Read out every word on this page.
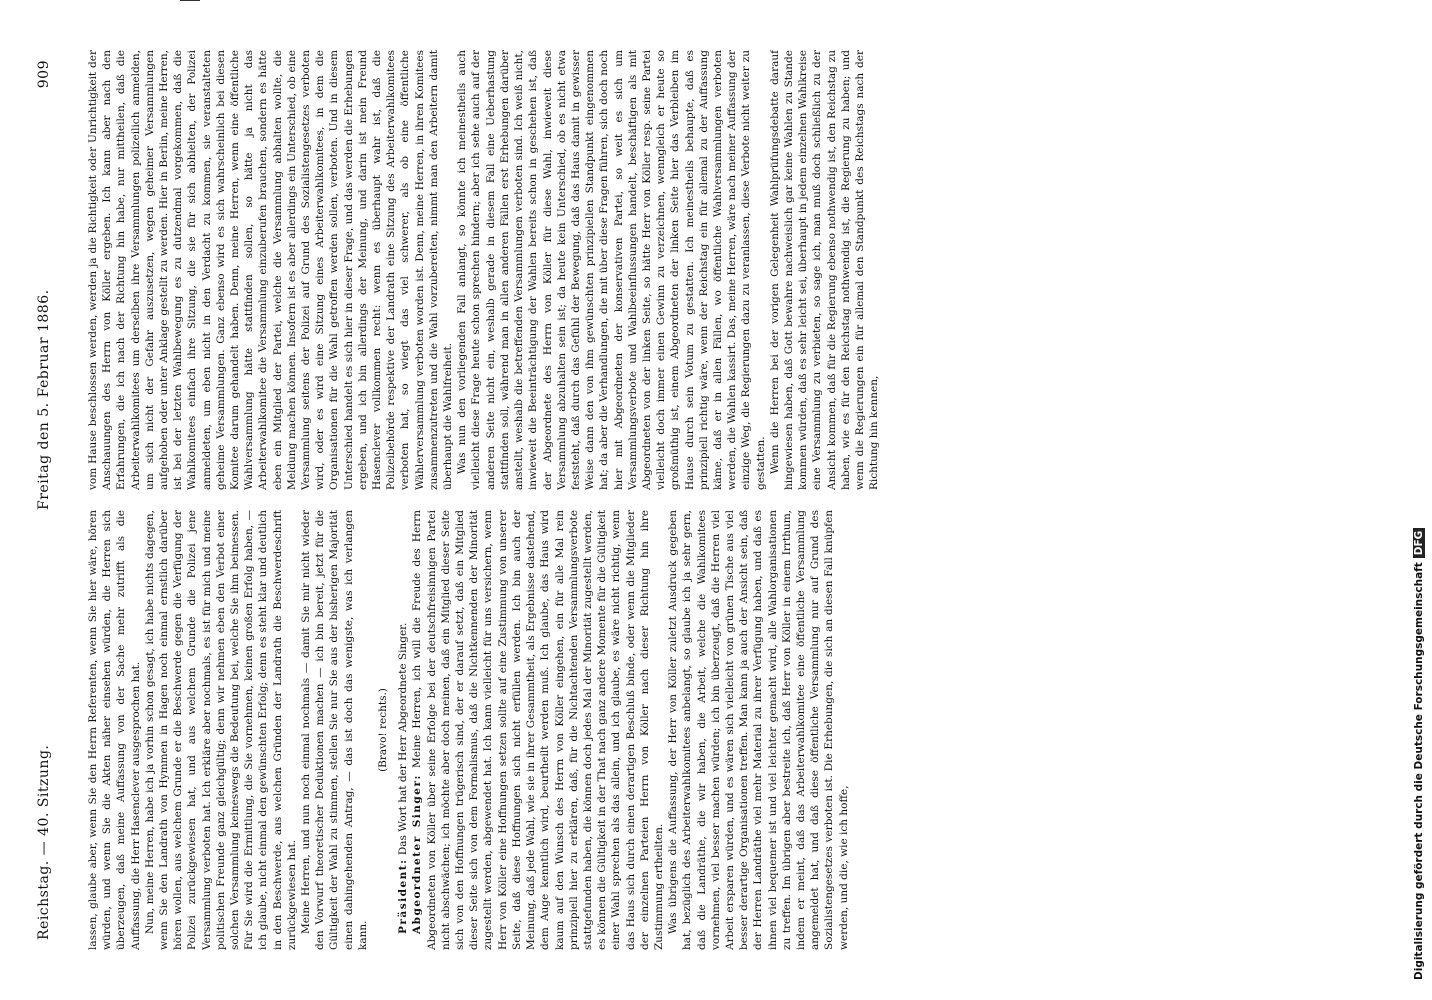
Reichstag. — 40. Sitzung.
Freitag den 5. Februar 1886.
909

lassen, glaube aber, wenn Sie den Herrn Referenten, wenn Sie hier wäre, hören würden, und wenn Sie die Akten näher einsehen würden, die Herren sich überzeugen, daß meine Auffassung von der Sache mehr zutrifft als die Auffassung, die Herr Hasenclever ausgesprochen hat. Nun, meine Herren, habe ich ja vorhin schon gesagt, ich habe nichts dagegen, wenn Sie den Landrath von Hymmen in Hagen noch einmal ernstlich darüber hören wollen, aus welchem Grunde er die Beschwerde gegen die Verfügung der Polizei zurückgewiesen hat, und aus welchem Grunde die Polizei jene Versammlung verboten hat. Ich erkläre aber nochmals, es ist für mich und meine politischen Freunde ganz gleichgültig; denn wir nehmen eben den Verbot einer solchen Versammlung keineswegs die Bedeutung bei, welche Sie ihm beimessen. Für Sie wird die Ermittlung, die Sie vornehmen, keinen großen Erfolg haben, — ich glaube, nicht einmal den gewünschten Erfolg; denn es steht klar und deutlich in den Beschwerde, aus welchen Gründen der Landrath die Beschwerdeschrift zurückgewiesen hat. Meine Herren, und nun noch einmal nochmals — damit Sie mir nicht wieder den Vorwurf theoretischer Deduktionen machen — ich bin bereit, jetzt für die Gültigkeit der Wahl zu stimmen, stellen Sie nur Sie aus der bisherigen Majorität einen dahingehenden Antrag, — das ist doch das wenigste, was ich verlangen kann.

(Bravo! rechts.)

Präsident: Das Wort hat der Herr Abgeordnete Singer. Abgeordneter Singer: Meine Herren, ich will die Freude des Herrn Abgeordneten von Köller über seine Erfolge bei der deutschfreisinnigen Partei nicht abschwächen; ich möchte aber doch meinen, daß ein Mitglied dieser Seite sich von den Hoffnungen trügerisch sind, der er darauf setzt, daß ein Mitglied dieser Seite sich von dem Formalismus, daß die Nichtkennenden der Minorität zugestellt werden, abgewendet hat. Ich kann vielleicht für uns versichern, wenn Herr von Köller eine Hoffnungen setzen sollte auf eine Zustimmung von unserer Seite, daß diese Hoffnungen sich nicht erfüllen werden. Ich bin auch der Meinung, daß jede Wahl, wie sie in ihrer Gesammtheit, als Ergebnisse dastehend, dem Auge kenntlich wird, beurtheilt werden muß. Ich glaube, das Haus wird kaum auf den Wunsch des Herrn von Köller eingehen, ein für alle Mal rein prinzipiell hier zu erklären, daß, für die Nichtachtenden Versammlungsverbote stattgefunden haben, die können doch jedes Mal der Minorität zugestellt werden, es können die Gültigkeit in der That nach ganz andere Momente für die Gültigkeit einer Wahl sprechen als das allein, und ich glaube, es wäre nicht richtig, wenn das Haus sich durch einen derartigen Beschluß binde, oder wenn die Mitglieder der einzelnen Parteien Herrn von Köller nach dieser Richtung hin ihre Zustimmung ertheilten. Was übrigens die Auffassung, der Herr von Köller zuletzt Ausdruck gegeben hat, bezüglich des Arbeiterwahlkomitees anbelangt, so glaube ich ja sehr gern, daß die Landräthe, die wir haben, die Arbeit, welche die Wahlkomitees vornehmen, viel besser machen würden; ich bin überzeugt, daß die Herren viel Arbeit ersparen würden, und es wären sich vielleicht von grünen Tische aus viel besser derartige Organisationen treffen. Man kann ja auch der Ansicht sein, daß der Herren Landräthe viel mehr Material zu ihrer Verfügung haben, und daß es ihnen viel bequemer ist und viel leichter gemacht wird, alle Wahlorganisationen zu treffen. Im übrigen aber bestreite ich, daß Herr von Köller in einem Irrthum, indem er meint, daß das Arbeiterwahlkomitee eine öffentliche Versammlung angemeldet hat, und daß diese öffentliche Versammlung nur auf Grund des Sozialistengesetzes verboten ist. Die Erhebungen, die sich an diesen Fall knüpfen werden, und die, wie ich hoffe,

vom Hause beschlossen werden, werden ja die Richtigkeit oder Unrichtigkeit der Anschauungen des Herrn von Köller ergeben. Ich kann aber nach den Erfahrungen, die ich nach der Richtung hin habe, nur mittheilen, daß die Arbeiterwahlkomitees um derselben ihre Versammlungen polizeilich anmelden, um sich nicht der Gefahr auszusetzen, wegen geheimer Versammlungen aufgehoben oder unter Anklage gestellt zu werden. Hier in Berlin, meine Herren, ist bei der letzten Wahlbewegung es zu dutzendmal vorgekommen, daß die Wahlkomitees einfach ihre Sitzung, die sie für sich abhielten, der Polizei anmeldeten, um eben nicht in den Verdacht zu kommen, sie veranstalteten geheime Versammlungen. Ganz ebenso wird es sich wahrscheinlich bei diesen Komitee darum gehandelt haben. Denn, meine Herren, wenn eine öffentliche Wahlversammlung hätte stattfinden sollen, so hätte ja nicht das Arbeiterwahlkomitee die Versammlung einzuberufen brauchen, sondern es hätte eben ein Mitglied der Partei, welche die Versammlung abhalten wollte, die Meldung machen können. Insofern ist es aber allerdings ein Unterschied, ob eine Versammlung seitens der Polizei auf Grund des Sozialistengesetzes verboten wird, oder es wird eine Sitzung eines Arbeiterwahlkomitees, in dem die Organisationen für die Wahl getroffen werden sollen, verboten. Und in diesem Unterschied handelt es sich hier in dieser Frage, und das werden die Erhebungen ergeben, und ich bin allerdings der Meinung, und darin ist mein Freund Hasenclever vollkommen recht: wenn es überhaupt wahr ist, daß die Polizeibehörde respektive der Landrath eine Sitzung des Arbeiterwahlkomitees verboten hat, so wiegt das viel schwerer, als ob eine öffentliche Wählerversammlung verboten worden ist. Denn, meine Herren, in ihren Komitees zusammenzutreten und die Wahl vorzubereiten, nimmt man den Arbeitern damit überhaupt die Wahlfreiheit. Was nun den vorliegenden Fall anlangt, so könnte ich meinestheils auch vielleicht diese Frage heute schon sprechen hindern; aber ich sehe auch auf der anderen Seite nicht ein, weshalb gerade in diesem Fall eine Ueberhastung stattfinden soll, während man in allen anderen Fällen erst Erhebungen darüber anstellt, weshalb die betreffenden Versammlungen verboten sind. Ich weiß nicht, inwieweit die Beeinträchtigung der Wahlen bereits schon in geschehen ist, daß der Abgeordnete des Herrn von Köller für diese Wahl, inwieweit diese Versammlung abzuhalten sein ist; da heute kein Unterschied, ob es nicht etwa feststeht, daß durch das Gefühl der Bewegung, daß das Haus damit in gewisser Weise dann den von ihm gewünschten prinzipiellen Standpunkt eingenommen hat; da aber die Verhandlungen, die mit über diese Fragen führen, sich doch noch hier mit Abgeordneten der konservativen Partei, so weit es sich um Versammlungsverbote und Wahlbeeinflussungen handelt, beschäftigen als mit Abgeordneten von der linken Seite, so hätte Herr von Köller resp. seine Partei vielleicht doch immer einen Gewinn zu verzeichnen, wenngleich er heute so großmüthig ist, einem Abgeordneten der linken Seite hier das Verbleiben im Hause durch sein Votum zu gestatten. Ich meinestheils behaupte, daß es prinzipiell richtig wäre, wenn der Reichstag ein für allemal zu der Auffassung käme, daß er in allen Fällen, wo öffentliche Wahlversammlungen verboten werden, die Wahlen kassirt. Das, meine Herren, wäre nach meiner Auffassung der einzige Weg, die Regierungen dazu zu veranlassen, diese Verbote nicht weiter zu gestatten. Wenn die Herren bei der vorigen Gelegenheit Wahlprüfungsdebatte darauf hingewiesen haben, daß Gott bewahre nachweislich gar keine Wahlen zu Stande kommen würden, daß es sehr leicht sei, überhaupt in jedem einzelnen Wahlkreise eine Versammlung zu verbieten, so sage ich, man muß doch schließlich zu der Ansicht kommen, daß für die Regierung ebenso nothwendig ist, den Reichstag zu haben, wie es für den Reichstag nothwendig ist, die Regierung zu haben; und wenn die Regierungen ein für allemal den Standpunkt des Reichstags nach der Richtung hin kennen,

Digitalisierung gefördert durch die Deutsche ForschungsgemeinschaftDFG
